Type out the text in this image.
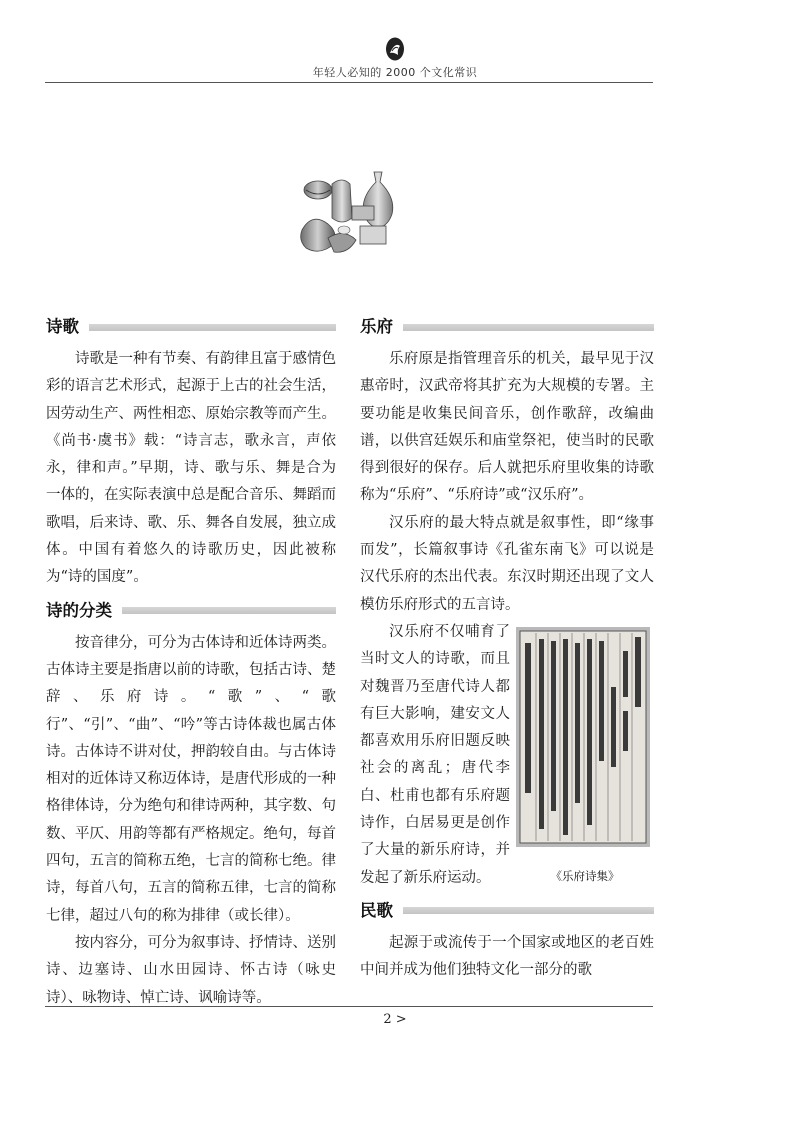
年轻人必知的 2000 个文化常识
诗歌

诗歌是一种有节奏、有韵律且富于感情色彩的语言艺术形式，起源于上古的社会生活，因劳动生产、两性相恋、原始宗教等而产生。《尚书·虞书》载：“诗言志，歌永言，声依永，律和声。”早期，诗、歌与乐、舞是合为一体的，在实际表演中总是配合音乐、舞蹈而歌唱，后来诗、歌、乐、舞各自发展，独立成体。中国有着悠久的诗歌历史，因此被称为“诗的国度”。

诗的分类

按音律分，可分为古体诗和近体诗两类。古体诗主要是指唐以前的诗歌，包括古诗、楚辞、乐府诗。“歌”、“歌行”、“引”、“曲”、“吟”等古诗体裁也属古体诗。古体诗不讲对仗，押韵较自由。与古体诗相对的近体诗又称迈体诗，是唐代形成的一种格律体诗，分为绝句和律诗两种，其字数、句数、平仄、用韵等都有严格规定。绝句，每首四句，五言的简称五绝，七言的简称七绝。律诗，每首八句，五言的简称五律，七言的简称七律，超过八句的称为排律（或长律）。

按内容分，可分为叙事诗、抒情诗、送别诗、边塞诗、山水田园诗、怀古诗（咏史诗）、咏物诗、悼亡诗、讽喻诗等。

乐府

乐府原是指管理音乐的机关，最早见于汉惠帝时，汉武帝将其扩充为大规模的专署。主要功能是收集民间音乐，创作歌辞，改编曲谱，以供宫廷娱乐和庙堂祭祀，使当时的民歌得到很好的保存。后人就把乐府里收集的诗歌称为“乐府”、“乐府诗”或“汉乐府”。

汉乐府的最大特点就是叙事性，即“缘事而发”，长篇叙事诗《孔雀东南飞》可以说是汉代乐府的杰出代表。东汉时期还出现了文人模仿乐府形式的五言诗。

汉乐府不仅哺育了当时文人的诗歌，而且对魏晋乃至唐代诗人都有巨大影响，建安文人都喜欢用乐府旧题反映社会的离乱；唐代李白、杜甫也都有乐府题诗作，白居易更是创作了大量的新乐府诗，并发起了新乐府运动。	《乐府诗集》
民歌

起源于或流传于一个国家或地区的老百姓中间并成为他们独特文化一部分的歌

2 >
